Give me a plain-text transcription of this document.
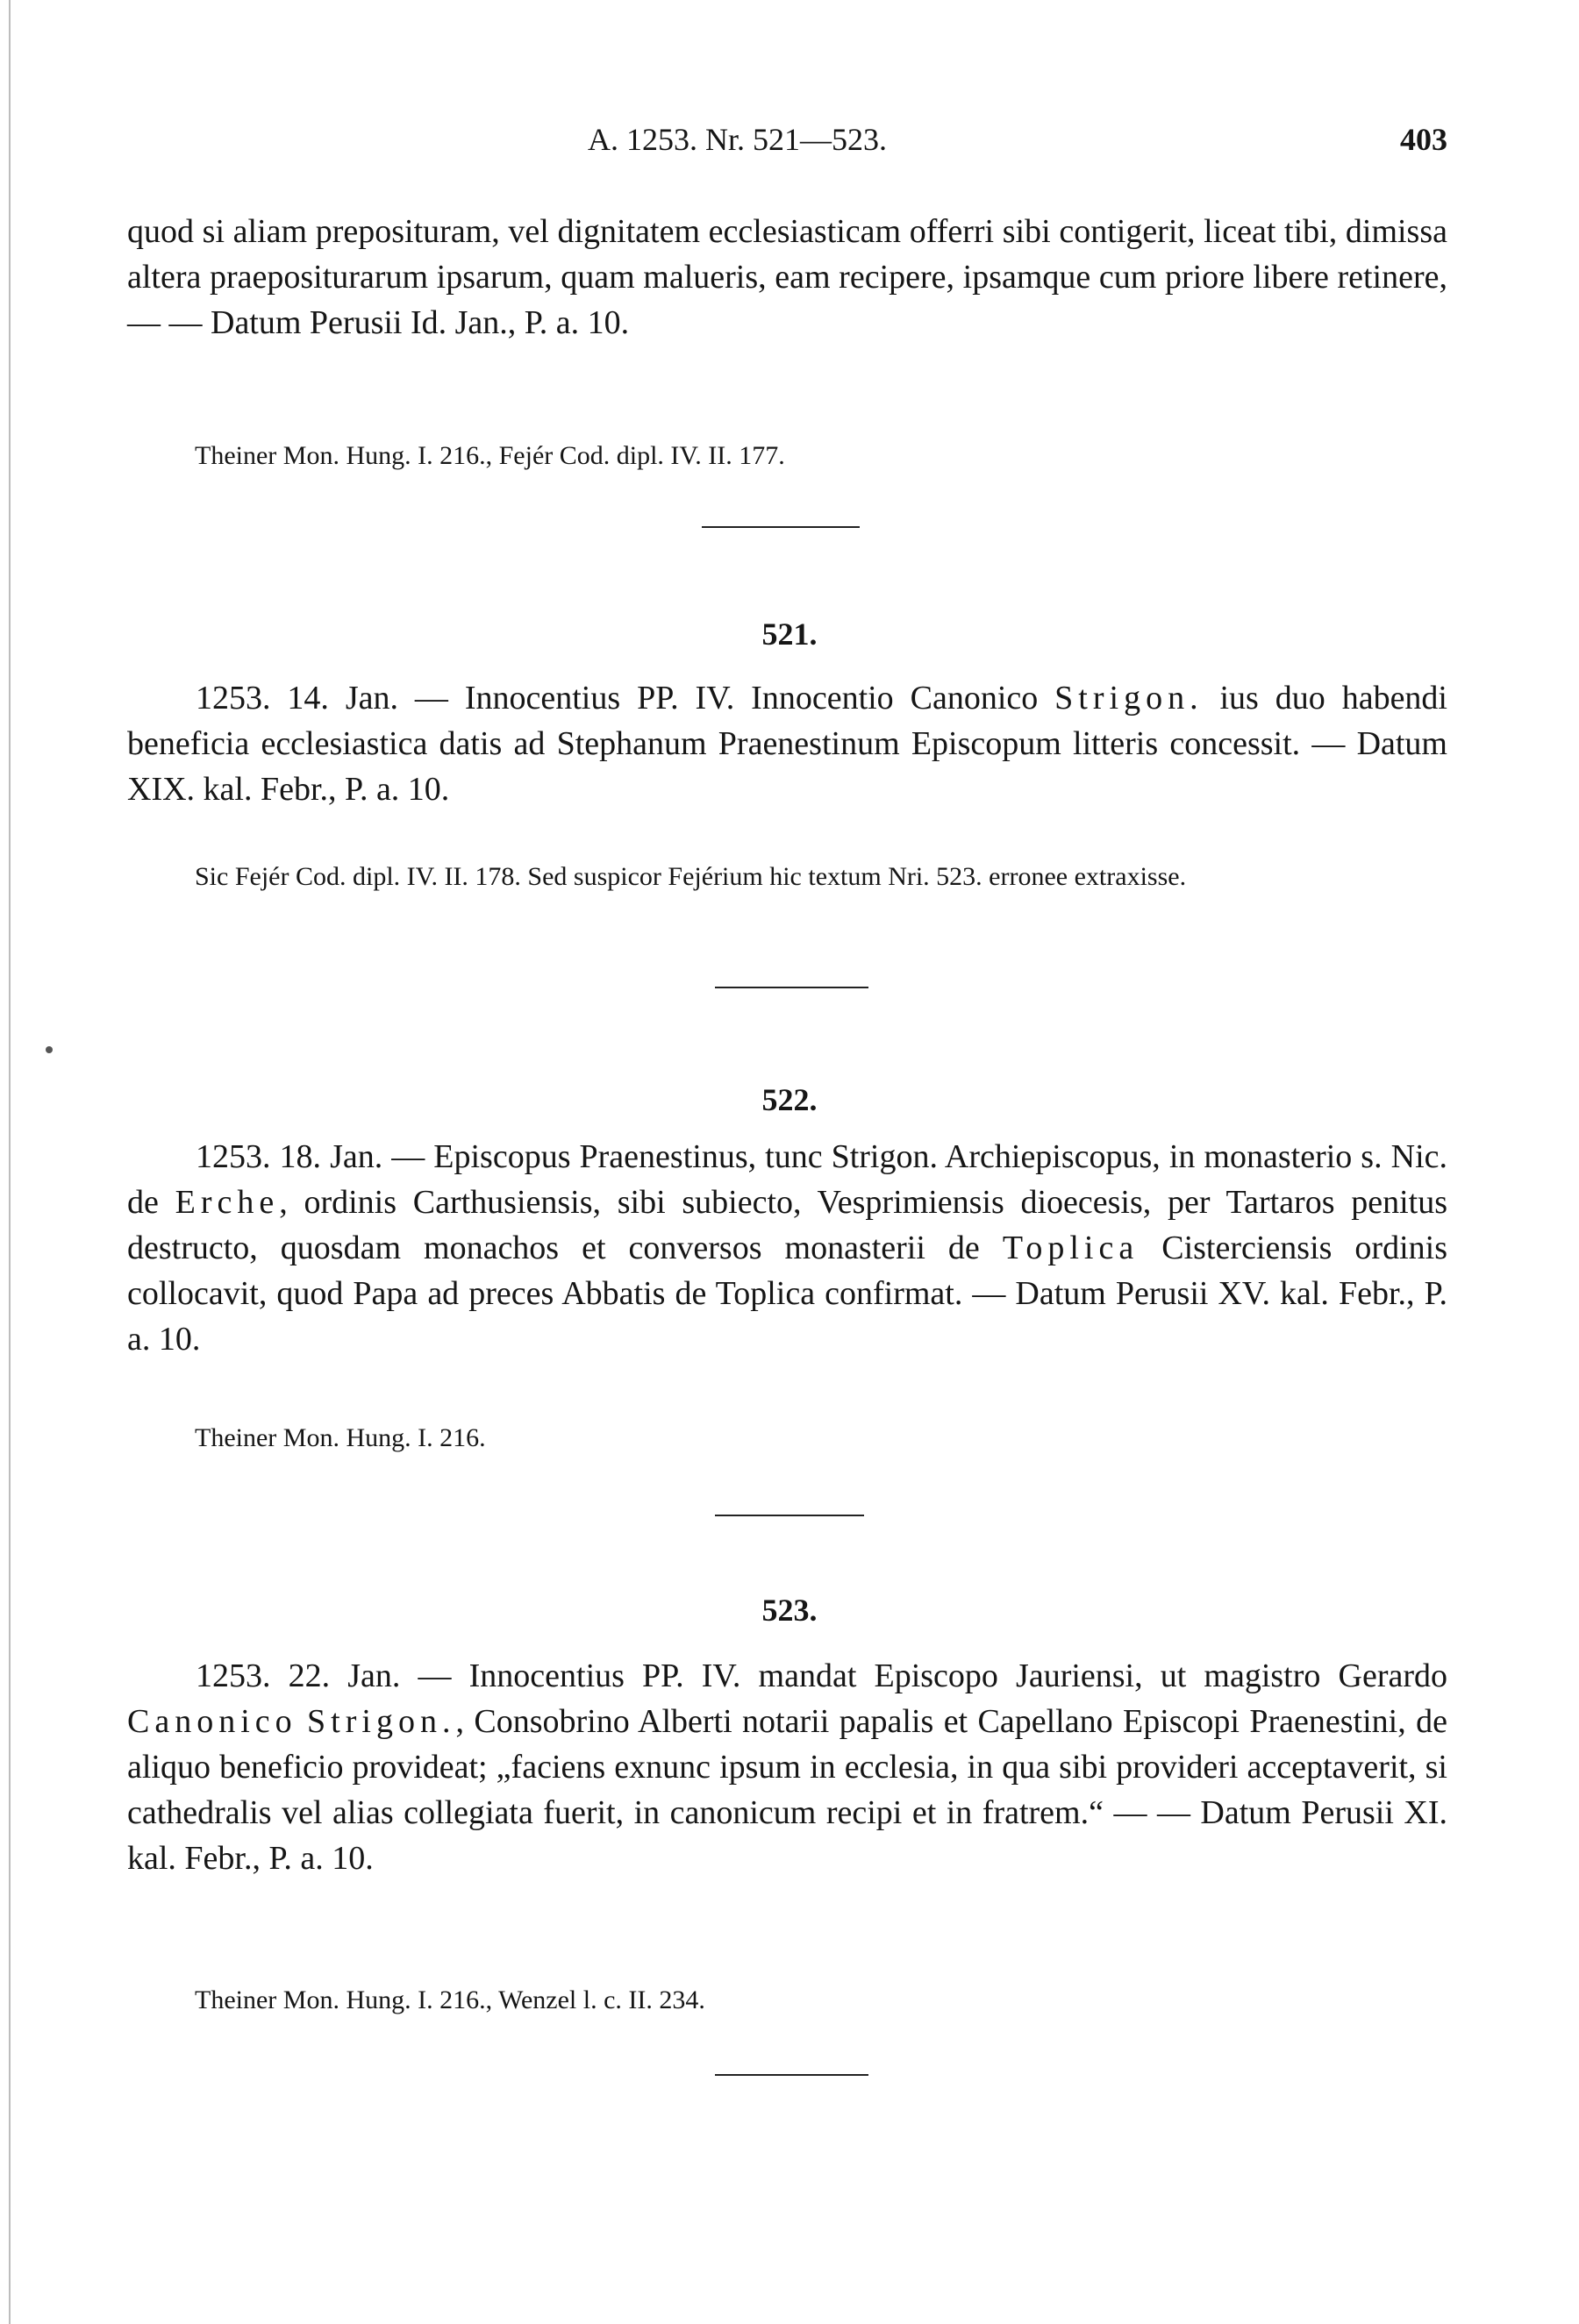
A. 1253. Nr. 521—523.	403

quod si aliam preposituram, vel dignitatem ecclesiasticam offerri sibi contigerit, liceat tibi, dimissa altera praepositurarum ipsarum, quam malueris, eam recipere, ipsamque cum priore libere retinere, — — Datum Perusii Id. Jan., P. a. 10.

Theiner Mon. Hung. I. 216., Fejér Cod. dipl. IV. II. 177.

521.

1253. 14. Jan. — Innocentius PP. IV. Innocentio Canonico Strigon. ius duo habendi beneficia ecclesiastica datis ad Stephanum Praenestinum Episcopum litteris concessit. — Datum XIX. kal. Febr., P. a. 10.

Sic Fejér Cod. dipl. IV. II. 178. Sed suspicor Fejérium hic textum Nri. 523. erronee extraxisse.

522.

1253. 18. Jan. — Episcopus Praenestinus, tunc Strigon. Archiepiscopus, in monasterio s. Nic. de Erche, ordinis Carthusiensis, sibi subiecto, Vesprimiensis dioecesis, per Tartaros penitus destructo, quosdam monachos et conversos monasterii de Toplica Cisterciensis ordinis collocavit, quod Papa ad preces Abbatis de Toplica confirmat. — Datum Perusii XV. kal. Febr., P. a. 10.

Theiner Mon. Hung. I. 216.

523.

1253. 22. Jan. — Innocentius PP. IV. mandat Episcopo Jauriensi, ut magistro Gerardo Canonico Strigon., Consobrino Alberti notarii papalis et Capellano Episcopi Praenestini, de aliquo beneficio provideat; „faciens exnunc ipsum in ecclesia, in qua sibi provideri acceptaverit, si cathedralis vel alias collegiata fuerit, in canonicum recipi et in fratrem.“ — — Datum Perusii XI. kal. Febr., P. a. 10.

Theiner Mon. Hung. I. 216., Wenzel l. c. II. 234.
